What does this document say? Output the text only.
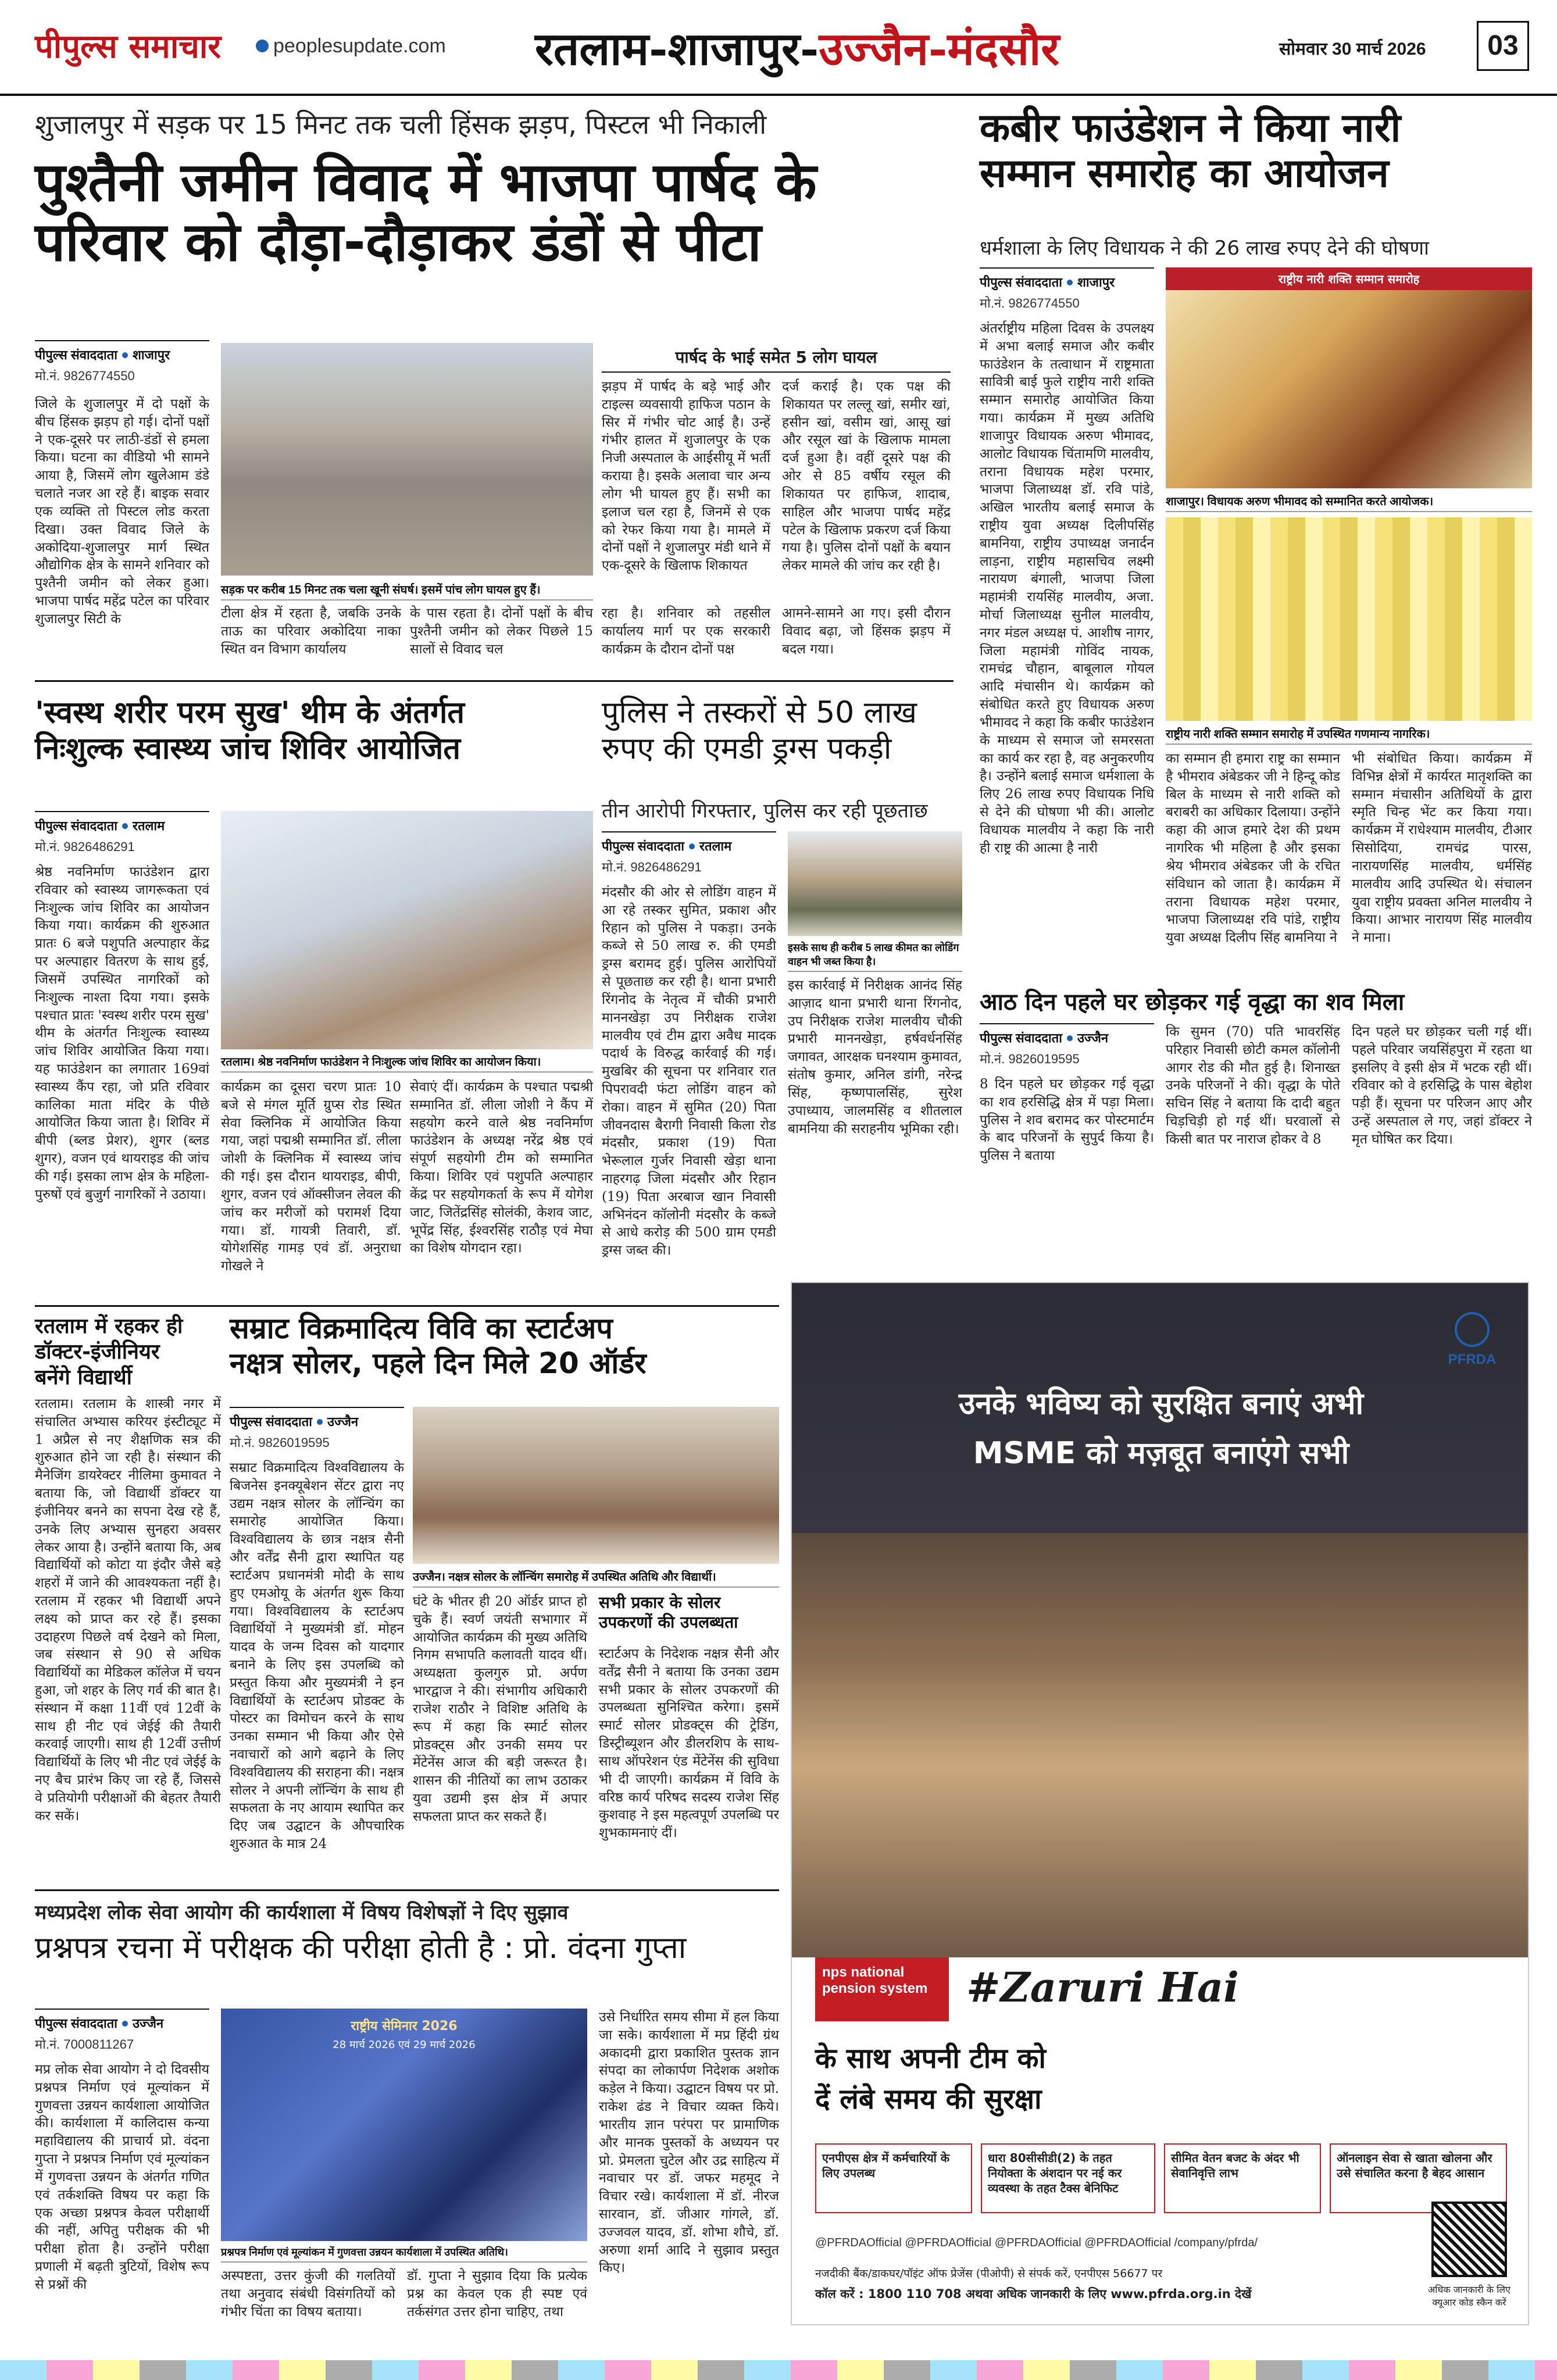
पीपुल्स समाचार	peoplesupdate.com रतलाम-शाजापुर-उज्जैन-मंदसौर	सोमवार 30 मार्च 2026	03
शुजालपुर में सड़क पर 15 मिनट तक चली हिंसक झड़प, पिस्टल भी निकाली
पुश्तैनी जमीन विवाद में भाजपा पार्षद के
परिवार को दौड़ा-दौड़ाकर डंडों से पीटा
पीपुल्स संवाददाता शाजापुर
मो.नं. 9826774550
जिले के शुजालपुर में दो पक्षों के बीच हिंसक झड़प हो गई। दोनों पक्षों ने एक-दूसरे पर लाठी-डंडों से हमला किया। घटना का वीडियो भी सामने आया है, जिसमें लोग खुलेआम डंडे चलाते नजर आ रहे हैं। बाइक सवार एक व्यक्ति तो पिस्टल लोड करता दिखा। उक्त विवाद जिले के अकोदिया-शुजालपुर मार्ग स्थित औद्योगिक क्षेत्र के सामने शनिवार को पुश्तैनी जमीन को लेकर हुआ। भाजपा पार्षद महेंद्र पटेल का परिवार शुजालपुर सिटी के
सड़क पर करीब 15 मिनट तक चला खूनी संघर्ष। इसमें पांच लोग घायल हुए हैं।
टीला क्षेत्र में रहता है, जबकि उनके ताऊ का परिवार अकोदिया नाका स्थित वन विभाग कार्यालय
के पास रहता है। दोनों पक्षों के बीच पुश्तैनी जमीन को लेकर पिछले 15 सालों से विवाद चल
पार्षद के भाई समेत 5 लोग घायल
झड़प में पार्षद के बड़े भाई और टाइल्स व्यवसायी हाफिज पठान के सिर में गंभीर चोट आई है। उन्हें गंभीर हालत में शुजालपुर के एक निजी अस्पताल के आईसीयू में भर्ती कराया है। इसके अलावा चार अन्य लोग भी घायल हुए हैं। सभी का इलाज चल रहा है, जिनमें से एक को रेफर किया गया है। मामले में दोनों पक्षों ने शुजालपुर मंडी थाने में एक-दूसरे के खिलाफ शिकायत
दर्ज कराई है। एक पक्ष की शिकायत पर लल्लू खां, समीर खां, हसीन खां, वसीम खां, आसू खां और रसूल खां के खिलाफ मामला दर्ज हुआ है। वहीं दूसरे पक्ष की ओर से 85 वर्षीय रसूल की शिकायत पर हाफिज, शादाब, साहिल और भाजपा पार्षद महेंद्र पटेल के खिलाफ प्रकरण दर्ज किया गया है। पुलिस दोनों पक्षों के बयान लेकर मामले की जांच कर रही है।
रहा है। शनिवार को तहसील कार्यालय मार्ग पर एक सरकारी कार्यक्रम के दौरान दोनों पक्ष
आमने-सामने आ गए। इसी दौरान विवाद बढ़ा, जो हिंसक झड़प में बदल गया।
कबीर फाउंडेशन ने किया नारी
सम्मान समारोह का आयोजन
धर्मशाला के लिए विधायक ने की 26 लाख रुपए देने की घोषणा
पीपुल्स संवाददाता शाजापुर
मो.नं. 9826774550
अंतर्राष्ट्रीय महिला दिवस के उपलक्ष्य में अभा बलाई समाज और कबीर फाउंडेशन के तत्वाधान में राष्ट्रमाता सावित्री बाई फुले राष्ट्रीय नारी शक्ति सम्मान समारोह आयोजित किया गया। कार्यक्रम में मुख्य अतिथि शाजापुर विधायक अरुण भीमावद, आलोट विधायक चिंतामणि मालवीय, तराना विधायक महेश परमार, भाजपा जिलाध्यक्ष डॉ. रवि पांडे, अखिल भारतीय बलाई समाज के राष्ट्रीय युवा अध्यक्ष दिलीपसिंह बामनिया, राष्ट्रीय उपाध्यक्ष जनार्दन लाड़ना, राष्ट्रीय महासचिव लक्ष्मी नारायण बंगाली, भाजपा जिला महामंत्री रायसिंह मालवीय, अजा. मोर्चा जिलाध्यक्ष सुनील मालवीय, नगर मंडल अध्यक्ष पं. आशीष नागर, जिला महामंत्री गोविंद नायक, रामचंद्र चौहान, बाबूलाल गोयल आदि मंचासीन थे। कार्यक्रम को संबोधित करते हुए विधायक अरुण भीमावद ने कहा कि कबीर फाउंडेशन के माध्यम से समाज जो समरसता का कार्य कर रहा है, वह अनुकरणीय है। उन्होंने बलाई समाज धर्मशाला के लिए 26 लाख रुपए विधायक निधि से देने की घोषणा भी की। आलोट विधायक मालवीय ने कहा कि नारी ही राष्ट्र की आत्मा है नारी
राष्ट्रीय नारी शक्ति सम्मान समारोह
शाजापुर। विधायक अरुण भीमावद को सम्मानित करते आयोजक।
राष्ट्रीय नारी शक्ति सम्मान समारोह में उपस्थित गणमान्य नागरिक।
का सम्मान ही हमारा राष्ट्र का सम्मान है भीमराव अंबेडकर जी ने हिन्दू कोड बिल के माध्यम से नारी शक्ति को बराबरी का अधिकार दिलाया। उन्होंने कहा की आज हमारे देश की प्रथम नागरिक भी महिला है और इसका श्रेय भीमराव अंबेडकर जी के रचित संविधान को जाता है। कार्यक्रम में तराना विधायक महेश परमार, भाजपा जिलाध्यक्ष रवि पांडे, राष्ट्रीय युवा अध्यक्ष दिलीप सिंह बामनिया ने
भी संबोधित किया। कार्यक्रम में विभिन्न क्षेत्रों में कार्यरत मातृशक्ति का सम्मान मंचासीन अतिथियों के द्वारा स्मृति चिन्ह भेंट कर किया गया। कार्यक्रम में राधेश्याम मालवीय, टीआर सिसोदिया, रामचंद्र पारस, नारायणसिंह मालवीय, धर्मसिंह मालवीय आदि उपस्थित थे। संचालन युवा राष्ट्रीय प्रवक्ता अनिल मालवीय ने किया। आभार नारायण सिंह मालवीय ने माना।
'स्वस्थ शरीर परम सुख' थीम के अंतर्गत
निःशुल्क स्वास्थ्य जांच शिविर आयोजित
पीपुल्स संवाददाता रतलाम
मो.नं. 9826486291
श्रेष्ठ नवनिर्माण फाउंडेशन द्वारा रविवार को स्वास्थ्य जागरूकता एवं निःशुल्क जांच शिविर का आयोजन किया गया। कार्यक्रम की शुरुआत प्रातः 6 बजे पशुपति अल्पाहार केंद्र पर अल्पाहार वितरण के साथ हुई, जिसमें उपस्थित नागरिकों को निःशुल्क नाश्ता दिया गया। इसके पश्चात प्रातः 'स्वस्थ शरीर परम सुख' थीम के अंतर्गत निःशुल्क स्वास्थ्य जांच शिविर आयोजित किया गया। यह फाउंडेशन का लगातार 169वां स्वास्थ्य कैंप रहा, जो प्रति रविवार कालिका माता मंदिर के पीछे आयोजित किया जाता है। शिविर में बीपी (ब्लड प्रेशर), शुगर (ब्लड शुगर), वजन एवं थायराइड की जांच की गई। इसका लाभ क्षेत्र के महिला-पुरुषों एवं बुजुर्ग नागरिकों ने उठाया।
रतलाम। श्रेष्ठ नवनिर्माण फाउंडेशन ने निःशुल्क जांच शिविर का आयोजन किया।
कार्यक्रम का दूसरा चरण प्रातः 10 बजे से मंगल मूर्ति ग्रुप्स रोड स्थित सेवा क्लिनिक में आयोजित किया गया, जहां पद्मश्री सम्मानित डॉ. लीला जोशी के क्लिनिक में स्वास्थ्य जांच की गई। इस दौरान थायराइड, बीपी, शुगर, वजन एवं ऑक्सीजन लेवल की जांच कर मरीजों को परामर्श दिया गया। डॉ. गायत्री तिवारी, डॉ. योगेशसिंह गामड़ एवं डॉ. अनुराधा गोखले ने
सेवाएं दीं। कार्यक्रम के पश्चात पद्मश्री सम्मानित डॉ. लीला जोशी ने कैंप में सहयोग करने वाले श्रेष्ठ नवनिर्माण फाउंडेशन के अध्यक्ष नरेंद्र श्रेष्ठ एवं संपूर्ण सहयोगी टीम को सम्मानित किया। शिविर एवं पशुपति अल्पाहार केंद्र पर सहयोगकर्ता के रूप में योगेश जाट, जितेंद्रसिंह सोलंकी, केशव जाट, भूपेंद्र सिंह, ईश्वरसिंह राठौड़ एवं मेघा का विशेष योगदान रहा।
पुलिस ने तस्करों से 50 लाख
रुपए की एमडी ड्रग्स पकड़ी
तीन आरोपी गिरफ्तार, पुलिस कर रही पूछताछ
पीपुल्स संवाददाता रतलाम
मो.नं. 9826486291
मंदसौर की ओर से लोडिंग वाहन में आ रहे तस्कर सुमित, प्रकाश और रिहान को पुलिस ने पकड़ा। उनके कब्जे से 50 लाख रु. की एमडी ड्रग्स बरामद हुई। पुलिस आरोपियों से पूछताछ कर रही है। थाना प्रभारी रिंगनोद के नेतृत्व में चौकी प्रभारी माननखेड़ा उप निरीक्षक राजेश मालवीय एवं टीम द्वारा अवैध मादक पदार्थ के विरुद्ध कार्रवाई की गई। मुखबिर की सूचना पर शनिवार रात पिपरावदी फंटा लोडिंग वाहन को रोका। वाहन में सुमित (20) पिता जीवनदास बैरागी निवासी किला रोड मंदसौर, प्रकाश (19) पिता भेरूलाल गुर्जर निवासी खेड़ा थाना नाहरगढ़ जिला मंदसौर और रिहान (19) पिता अरबाज खान निवासी अभिनंदन कॉलोनी मंदसौर के कब्जे से आधे करोड़ की 500 ग्राम एमडी ड्रग्स जब्त की।
इसके साथ ही करीब 5 लाख कीमत का लोडिंग वाहन भी जब्त किया है।
इस कार्रवाई में निरीक्षक आनंद सिंह आज़ाद थाना प्रभारी थाना रिंगनोद, उप निरीक्षक राजेश मालवीय चौकी प्रभारी माननखेड़ा, हर्षवर्धनसिंह जगावत, आरक्षक घनश्याम कुमावत, संतोष कुमार, अनिल डांगी, नरेन्द्र सिंह, कृष्णपालसिंह, सुरेश उपाध्याय, जालमसिंह व शीतलाल बामनिया की सराहनीय भूमिका रही।
आठ दिन पहले घर छोड़कर गई वृद्धा का शव मिला
पीपुल्स संवाददाता उज्जैन
मो.नं. 9826019595
8 दिन पहले घर छोड़कर गई वृद्धा का शव हरसिद्धि क्षेत्र में पड़ा मिला। पुलिस ने शव बरामद कर पोस्टमार्टम के बाद परिजनों के सुपुर्द किया है। पुलिस ने बताया
कि सुमन (70) पति भावरसिंह परिहार निवासी छोटी कमल कॉलोनी आगर रोड की मौत हुई है। शिनाख्त उनके परिजनों ने की। वृद्धा के पोते सचिन सिंह ने बताया कि दादी बहुत चिड़चिड़ी हो गई थीं। घरवालों से किसी बात पर नाराज होकर वे 8
दिन पहले घर छोड़कर चली गई थीं। पहले परिवार जयसिंहपुरा में रहता था इसलिए वे इसी क्षेत्र में भटक रही थीं। रविवार को वे हरसिद्धि के पास बेहोश पड़ी हैं। सूचना पर परिजन आए और उन्हें अस्पताल ले गए, जहां डॉक्टर ने मृत घोषित कर दिया।
रतलाम में रहकर ही
डॉक्टर-इंजीनियर
बनेंगे विद्यार्थी
रतलाम। रतलाम के शास्त्री नगर में संचालित अभ्यास करियर इंस्टीट्यूट में 1 अप्रैल से नए शैक्षणिक सत्र की शुरुआत होने जा रही है। संस्थान की मैनेजिंग डायरेक्टर नीलिमा कुमावत ने बताया कि, जो विद्यार्थी डॉक्टर या इंजीनियर बनने का सपना देख रहे हैं, उनके लिए अभ्यास सुनहरा अवसर लेकर आया है। उन्होंने बताया कि, अब विद्यार्थियों को कोटा या इंदौर जैसे बड़े शहरों में जाने की आवश्यकता नहीं है। रतलाम में रहकर भी विद्यार्थी अपने लक्ष्य को प्राप्त कर रहे हैं। इसका उदाहरण पिछले वर्ष देखने को मिला, जब संस्थान से 90 से अधिक विद्यार्थियों का मेडिकल कॉलेज में चयन हुआ, जो शहर के लिए गर्व की बात है। संस्थान में कक्षा 11वीं एवं 12वीं के साथ ही नीट एवं जेईई की तैयारी करवाई जाएगी। साथ ही 12वीं उत्तीर्ण विद्यार्थियों के लिए भी नीट एवं जेईई के नए बैच प्रारंभ किए जा रहे हैं, जिससे वे प्रतियोगी परीक्षाओं की बेहतर तैयारी कर सकें।
सम्राट विक्रमादित्य विवि का स्टार्टअप
नक्षत्र सोलर, पहले दिन मिले 20 ऑर्डर
पीपुल्स संवाददाता उज्जैन
मो.नं. 9826019595
सम्राट विक्रमादित्य विश्वविद्यालय के बिजनेस इनक्यूबेशन सेंटर द्वारा नए उद्यम नक्षत्र सोलर के लॉन्चिंग का समारोह आयोजित किया। विश्वविद्यालय के छात्र नक्षत्र सैनी और वर्तेंद्र सैनी द्वारा स्थापित यह स्टार्टअप प्रधानमंत्री मोदी के साथ हुए एमओयू के अंतर्गत शुरू किया गया। विश्वविद्यालय के स्टार्टअप विद्यार्थियों ने मुख्यमंत्री डॉ. मोहन यादव के जन्म दिवस को यादगार बनाने के लिए इस उपलब्धि को प्रस्तुत किया और मुख्यमंत्री ने इन विद्यार्थियों के स्टार्टअप प्रोडक्ट के पोस्टर का विमोचन करने के साथ उनका सम्मान भी किया और ऐसे नवाचारों को आगे बढ़ाने के लिए विश्वविद्यालय की सराहना की। नक्षत्र सोलर ने अपनी लॉन्चिंग के साथ ही सफलता के नए आयाम स्थापित कर दिए जब उद्घाटन के औपचारिक शुरुआत के मात्र 24
उज्जैन। नक्षत्र सोलर के लॉन्चिंग समारोह में उपस्थित अतिथि और विद्यार्थी।
घंटे के भीतर ही 20 ऑर्डर प्राप्त हो चुके हैं। स्वर्ण जयंती सभागार में आयोजित कार्यक्रम की मुख्य अतिथि निगम सभापति कलावती यादव थीं। अध्यक्षता कुलगुरु प्रो. अर्पण भारद्वाज ने की। संभागीय अधिकारी राजेश राठौर ने विशिष्ट अतिथि के रूप में कहा कि स्मार्ट सोलर प्रोडक्ट्स और उनकी समय पर मेंटेनेंस आज की बड़ी जरूरत है। शासन की नीतियों का लाभ उठाकर युवा उद्यमी इस क्षेत्र में अपार सफलता प्राप्त कर सकते हैं।
सभी प्रकार के सोलर
उपकरणों की उपलब्धता
स्टार्टअप के निदेशक नक्षत्र सैनी और वर्तेंद्र सैनी ने बताया कि उनका उद्यम सभी प्रकार के सोलर उपकरणों की उपलब्धता सुनिश्चित करेगा। इसमें स्मार्ट सोलर प्रोडक्ट्स की ट्रेडिंग, डिस्ट्रीब्यूशन और डीलरशिप के साथ-साथ ऑपरेशन एंड मेंटेनेंस की सुविधा भी दी जाएगी। कार्यक्रम में विवि के वरिष्ठ कार्य परिषद सदस्य राजेश सिंह कुशवाह ने इस महत्वपूर्ण उपलब्धि पर शुभकामनाएं दीं।
मध्यप्रदेश लोक सेवा आयोग की कार्यशाला में विषय विशेषज्ञों ने दिए सुझाव
प्रश्नपत्र रचना में परीक्षक की परीक्षा होती है : प्रो. वंदना गुप्ता
पीपुल्स संवाददाता उज्जैन
मो.नं. 7000811267
मप्र लोक सेवा आयोग ने दो दिवसीय प्रश्नपत्र निर्माण एवं मूल्यांकन में गुणवत्ता उन्नयन कार्यशाला आयोजित की। कार्यशाला में कालिदास कन्या महाविद्यालय की प्राचार्य प्रो. वंदना गुप्ता ने प्रश्नपत्र निर्माण एवं मूल्यांकन में गुणवत्ता उन्नयन के अंतर्गत गणित एवं तर्कशक्ति विषय पर कहा कि एक अच्छा प्रश्नपत्र केवल परीक्षार्थी की नहीं, अपितु परीक्षक की भी परीक्षा होता है। उन्होंने परीक्षा प्रणाली में बढ़ती त्रुटियों, विशेष रूप से प्रश्नों की
राष्ट्रीय सेमिनार 2026
28 मार्च 2026 एवं 29 मार्च 2026
प्रश्नपत्र निर्माण एवं मूल्यांकन में गुणवत्ता उन्नयन कार्यशाला में उपस्थित अतिथि।
अस्पष्टता, उत्तर कुंजी की गलतियों तथा अनुवाद संबंधी विसंगतियों को गंभीर चिंता का विषय बताया।
डॉ. गुप्ता ने सुझाव दिया कि प्रत्येक प्रश्न का केवल एक ही स्पष्ट एवं तर्कसंगत उत्तर होना चाहिए, तथा
उसे निर्धारित समय सीमा में हल किया जा सके। कार्यशाला में मप्र हिंदी ग्रंथ अकादमी द्वारा प्रकाशित पुस्तक ज्ञान संपदा का लोकार्पण निदेशक अशोक कड़ेल ने किया। उद्घाटन विषय पर प्रो. राकेश ढंड ने विचार व्यक्त किये। भारतीय ज्ञान परंपरा पर प्रामाणिक और मानक पुस्तकों के अध्ययन पर प्रो. प्रेमलता चुटेल और उद्र साहित्य में नवाचार पर डॉ. जफर महमूद ने विचार रखे। कार्यशाला में डॉ. नीरज सारवान, डॉ. जीआर गांगले, डॉ. उज्जवल यादव, डॉ. शोभा शौचे, डॉ. अरुणा शर्मा आदि ने सुझाव प्रस्तुत किए।
PFRDA
उनके भविष्य को सुरक्षित बनाएं अभी
MSME को मज़बूत बनाएंगे सभी
nps national pension system #Zaruri Hai
के साथ अपनी टीम को
दें लंबे समय की सुरक्षा
एनपीएस क्षेत्र में कर्मचारियों के लिए उपलब्ध
धारा 80सीसीडी(2) के तहत नियोक्ता के अंशदान पर नई कर व्यवस्था के तहत टैक्स बेनिफिट
सीमित वेतन बजट के अंदर भी सेवानिवृत्ति लाभ
ऑनलाइन सेवा से खाता खोलना और उसे संचालित करना है बेहद आसान
@PFRDAOfficial @PFRDAOfficial @PFRDAOfficial @PFRDAOfficial /company/pfrda/
नजदीकी बैंक/डाकघर/पॉइंट ऑफ प्रेजेंस (पीओपी) से संपर्क करें, एनपीएस 56677 पर
कॉल करें : 1800 110 708 अथवा अधिक जानकारी के लिए www.pfrda.org.in देखें	अधिक जानकारी के लिए क्यूआर कोड स्कैन करें
